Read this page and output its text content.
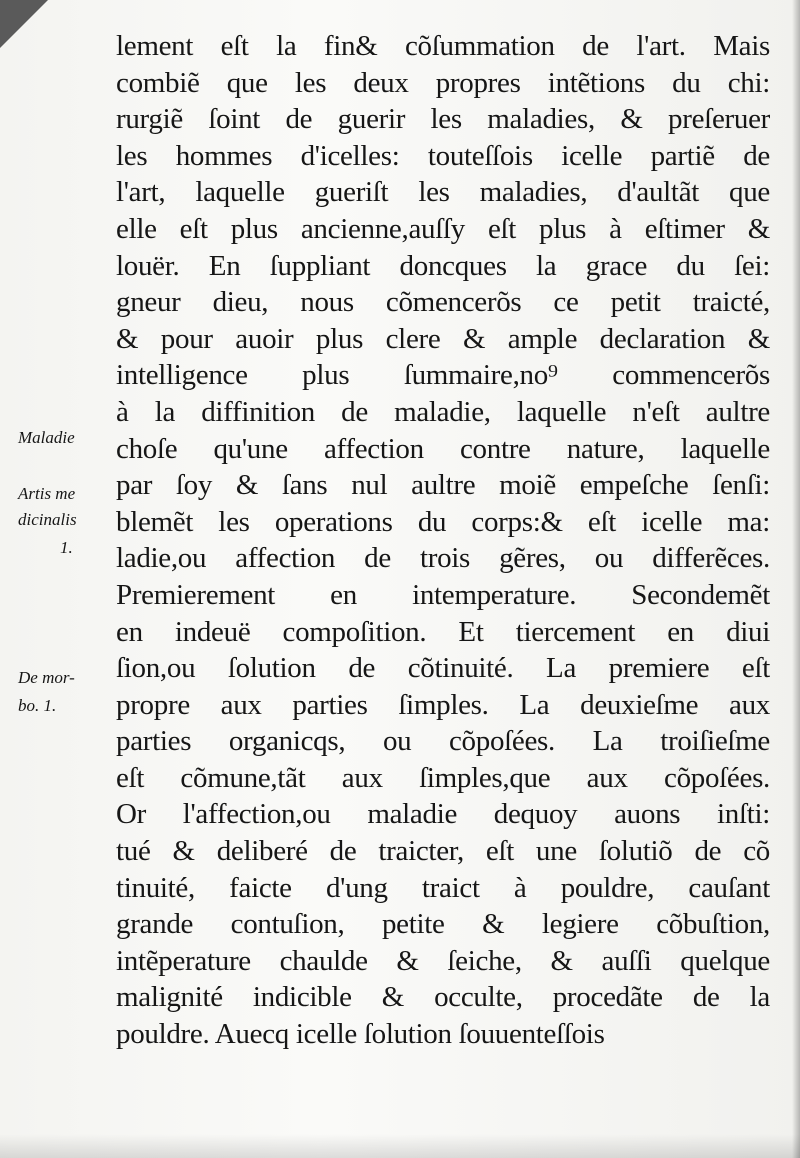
lement eſt la fin& cõſummation de l'art. Mais
combiẽ que les deux propres intẽtions du chi:
rurgiẽ ſoint de guerir les maladies, & preſeruer
les hommes d'icelles: touteſſois icelle partiẽ de
l'art, laquelle gueriſt les maladies, d'aultãt que
elle eſt plus ancienne,auſſy eſt plus à eſtimer &
louër. En ſuppliant doncques la grace du ſei:
gneur dieu, nous cõmencerõs ce petit traicté,
& pour auoir plus clere & ample declaration &
intelligence plus ſummaire,no⁹ commencerõs
à la diffinition de maladie, laquelle n'eſt aultre
choſe qu'une affection contre nature, laquelle
par ſoy & ſans nul aultre moiẽ empeſche ſenſi:
blemẽt les operations du corps:& eſt icelle ma:
ladie,ou affection de trois gẽres, ou differẽces.
Premierement en intemperature. Secondemẽt
en indeuë compoſition. Et tiercement en diui
ſion,ou ſolution de cõtinuité. La premiere eſt
propre aux parties ſimples. La deuxieſme aux
parties organicqs, ou cõpoſées. La troiſieſme
eſt cõmune,tãt aux ſimples,que aux cõpoſées.
Or l'affection,ou maladie dequoy auons inſti:
tué & deliberé de traicter, eſt une ſolutiõ de cõ
tinuité, faicte d'ung traict à pouldre, cauſant
grande contuſion, petite & legiere cõbuſtion,
intẽperature chaulde & ſeiche, & auſſi quelque
malignité indicible & occulte, procedãte de la
pouldre. Auecq icelle ſolution ſouuenteſſois
Maladie
Artis me
dicinalis
1.
De mor-
bo. 1.
